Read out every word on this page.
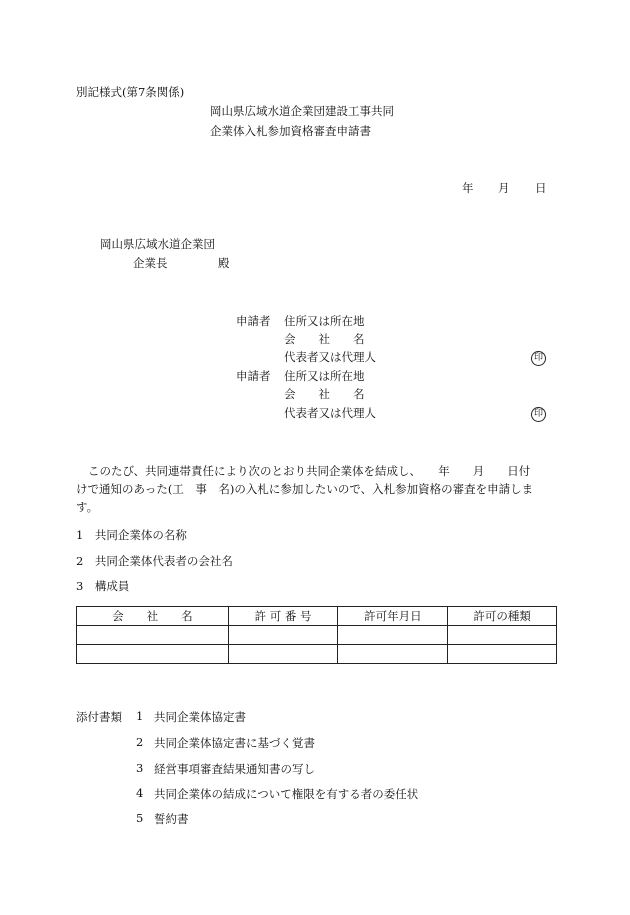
別記様式(第7条関係)
岡山県広域水道企業団建設工事共同
企業体入札参加資格審査申請書
年 月 日
岡山県広域水道企業団
企業長	殿
申請者 住所又は所在地
会　　社　　名
代表者又は代理人	印
申請者 住所又は所在地
会　　社　　名
代表者又は代理人	印
このたび、共同連帯責任により次のとおり共同企業体を結成し、　　年　　月　　日付
けで通知のあった(工　事　名)の入札に参加したいので、入札参加資格の審査を申請しま
す。
1　共同企業体の名称
2　共同企業体代表者の会社名
3　構成員
会　　社　　名	許 可 番 号	許可年月日	許可の種類

添付書類 1 共同企業体協定書
2 共同企業体協定書に基づく覚書
3 経営事項審査結果通知書の写し
4 共同企業体の結成について権限を有する者の委任状
5 誓約書
